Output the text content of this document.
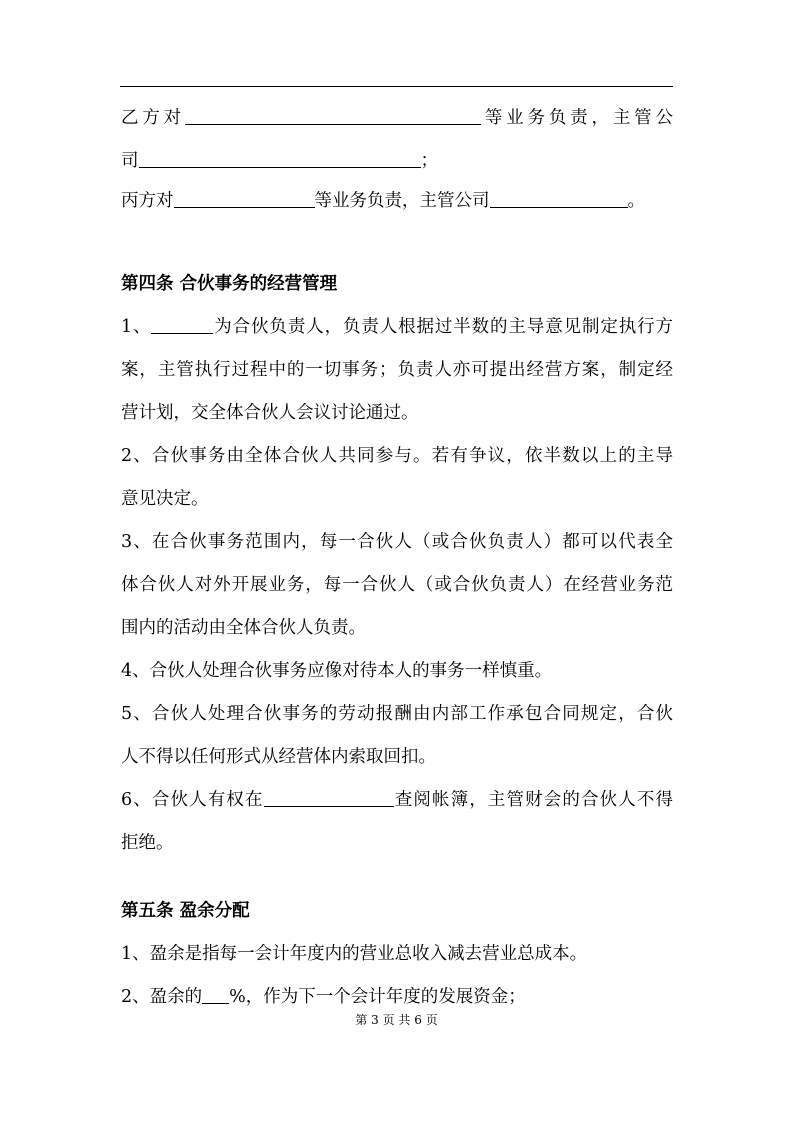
乙方对	等业务负责，主管公
司	；
丙方对	等业务负责，主管公司	。
第四条 合伙事务的经营管理
1、	为合伙负责人，负责人根据过半数的主导意见制定执行方
案，主管执行过程中的一切事务；负责人亦可提出经营方案，制定经
营计划，交全体合伙人会议讨论通过。
2、合伙事务由全体合伙人共同参与。若有争议，依半数以上的主导
意见决定。
3、在合伙事务范围内，每一合伙人（或合伙负责人）都可以代表全
体合伙人对外开展业务，每一合伙人（或合伙负责人）在经营业务范
围内的活动由全体合伙人负责。
4、合伙人处理合伙事务应像对待本人的事务一样慎重。
5、合伙人处理合伙事务的劳动报酬由内部工作承包合同规定，合伙
人不得以任何形式从经营体内索取回扣。
6、合伙人有权在	查阅帐簿，主管财会的合伙人不得
拒绝。
第五条 盈余分配
1、盈余是指每一会计年度内的营业总收入减去营业总成本。
2、盈余的 %，作为下一个会计年度的发展资金；
第 3 页 共 6 页
